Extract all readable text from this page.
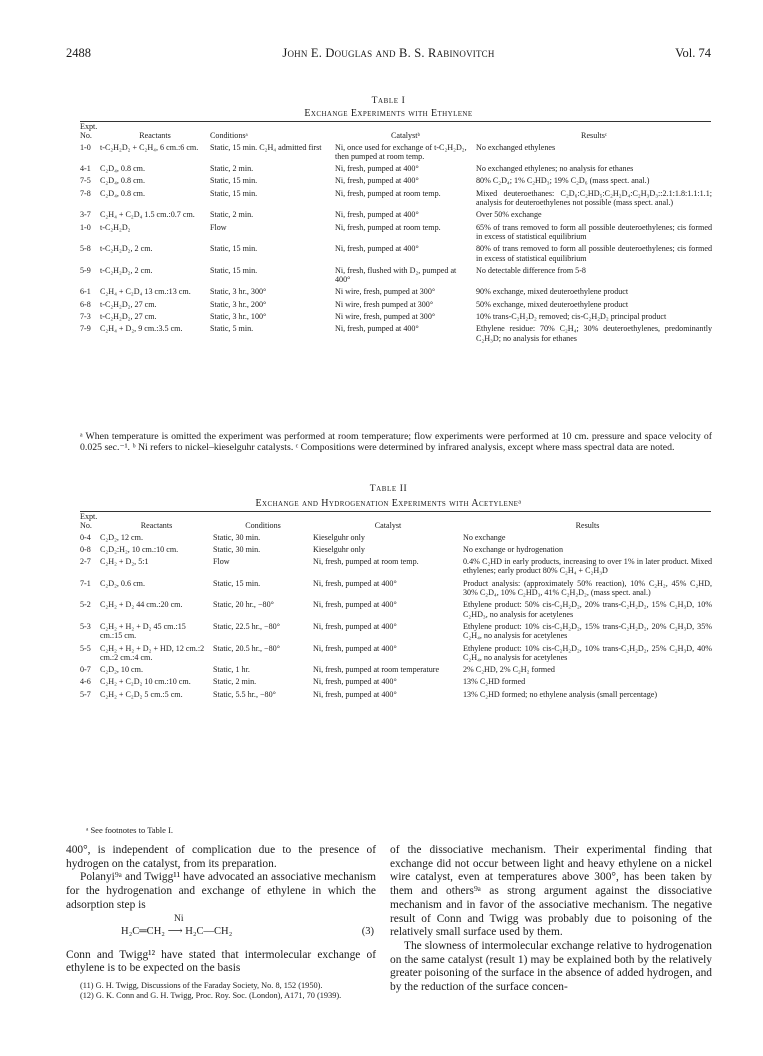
2488	John E. Douglas and B. S. Rabinovitch	Vol. 74
Table I
Exchange Experiments with Ethylene
Expt.
No.	Reactants	Conditionsᵃ	Catalystᵇ	Resultsᶜ
1-0	t-C₂H₂D₂ + C₂H₄, 6 cm.:6 cm.	Static, 15 min. C₂H₄ admitted first	Ni, once used for exchange of t-C₂H₂D₂, then pumped at room temp.	No exchanged ethylenes
4-1	C₂D₄, 0.8 cm.	Static, 2 min.	Ni, fresh, pumped at 400°	No exchanged ethylenes; no analysis for ethanes
7-5	C₂D₄, 0.8 cm.	Static, 15 min.	Ni, fresh, pumped at 400°	80% C₂D₄; 1% C₂HD₃; 19% C₂D₆ (mass spect. anal.)
7-8	C₂D₄, 0.8 cm.	Static, 15 min.	Ni, fresh, pumped at room temp.	Mixed deuteroethanes: C₂D₆:C₂HD₅:C₂H₂D₄:C₂H₃D₃::2.1:1.8:1.1:1.1; analysis for deuteroethylenes not possible (mass spect. anal.)
3-7	C₂H₄ + C₂D₄ 1.5 cm.:0.7 cm.	Static, 2 min.	Ni, fresh, pumped at 400°	Over 50% exchange
1-0	t-C₂H₂D₂	Flow	Ni, fresh, pumped at room temp.	65% of trans removed to form all possible deuteroethylenes; cis formed in excess of statistical equilibrium
5-8	t-C₂H₂D₂, 2 cm.	Static, 15 min.	Ni, fresh, pumped at 400°	80% of trans removed to form all possible deuteroethylenes; cis formed in excess of statistical equilibrium
5-9	t-C₂H₂D₂, 2 cm.	Static, 15 min.	Ni, fresh, flushed with D₂, pumped at 400°	No detectable difference from 5-8
6-1	C₂H₄ + C₂D₄ 13 cm.:13 cm.	Static, 3 hr., 300°	Ni wire, fresh, pumped at 300°	90% exchange, mixed deuteroethylene product
6-8	t-C₂H₂D₂, 27 cm.	Static, 3 hr., 200°	Ni wire, fresh pumped at 300°	50% exchange, mixed deuteroethylene product
7-3	t-C₂H₂D₂, 27 cm.	Static, 3 hr., 100°	Ni wire, fresh, pumped at 300°	10% trans-C₂H₂D₂ removed; cis-C₂H₂D₂ principal product
7-9	C₂H₄ + D₂, 9 cm.:3.5 cm.	Static, 5 min.	Ni, fresh, pumped at 400°	Ethylene residue: 70% C₂H₄; 30% deuteroethylenes, predominantly C₂H₃D; no analysis for ethanes
ᵃ When temperature is omitted the experiment was performed at room temperature; flow experiments were performed at 10 cm. pressure and space velocity of 0.025 sec.⁻¹. ᵇ Ni refers to nickel–kieselguhr catalysts. ᶜ Compositions were determined by infrared analysis, except where mass spectral data are noted.
Table II
Exchange and Hydrogenation Experiments with Acetyleneᵃ
Expt.
No.	Reactants	Conditions	Catalyst	Results
0-4	C₂D₂, 12 cm.	Static, 30 min.	Kieselguhr only	No exchange
0-8	C₂D₂:H₂, 10 cm.:10 cm.	Static, 30 min.	Kieselguhr only	No exchange or hydrogenation
2-7	C₂H₂ + D₂, 5:1	Flow	Ni, fresh, pumped at room temp.	0.4% C₂HD in early products, increasing to over 1% in later product. Mixed ethylenes; early product 80% C₂H₄ + C₂H₃D
7-1	C₂D₂, 0.6 cm.	Static, 15 min.	Ni, fresh, pumped at 400°	Product analysis: (approximately 50% reaction), 10% C₂H₂, 45% C₂HD, 30% C₂D₄, 10% C₂HD₃, 41% C₂H₂D₂, (mass spect. anal.)
5-2	C₂H₂ + D₂ 44 cm.:20 cm.	Static, 20 hr., −80°	Ni, fresh, pumped at 400°	Ethylene product: 50% cis-C₂H₂D₂, 20% trans-C₂H₂D₂, 15% C₂H₃D, 10% C₂HD₃, no analysis for acetylenes
5-3	C₂H₂ + H₂ + D₂ 45 cm.:15 cm.:15 cm.	Static, 22.5 hr., −80°	Ni, fresh, pumped at 400°	Ethylene product: 10% cis-C₂H₂D₂, 15% trans-C₂H₂D₂, 20% C₂H₃D, 35% C₂H₄, no analysis for acetylenes
5-5	C₂H₂ + H₂ + D₂ + HD, 12 cm.:2 cm.:2 cm.:4 cm.	Static, 20.5 hr., −80°	Ni, fresh, pumped at 400°	Ethylene product: 10% cis-C₂H₂D₂, 10% trans-C₂H₂D₂, 25% C₂H₃D, 40% C₂H₄, no analysis for acetylenes
0-7	C₂D₂, 10 cm.	Static, 1 hr.	Ni, fresh, pumped at room temperature	2% C₂HD, 2% C₂H₂ formed
4-6	C₂H₂ + C₂D₂ 10 cm.:10 cm.	Static, 2 min.	Ni, fresh, pumped at 400°	13% C₂HD formed
5-7	C₂H₂ + C₂D₂ 5 cm.:5 cm.	Static, 5.5 hr., −80°	Ni, fresh, pumped at 400°	13% C₂HD formed; no ethylene analysis (small percentage)
ᵃ See footnotes to Table I.

400°, is independent of complication due to the presence of hydrogen on the catalyst, from its preparation.

Polanyi⁹ᵃ and Twigg¹¹ have advocated an associative mechanism for the hydrogenation and exchange of ethylene in which the adsorption step is

Ni
H₂C═CH₂ ⟶ H₂C—CH₂	(3)

Conn and Twigg¹² have stated that intermolecular exchange of ethylene is to be expected on the basis

(11) G. H. Twigg, Discussions of the Faraday Society, No. 8, 152 (1950).
(12) G. K. Conn and G. H. Twigg, Proc. Roy. Soc. (London), A171, 70 (1939).

of the dissociative mechanism. Their experimental finding that exchange did not occur between light and heavy ethylene on a nickel wire catalyst, even at temperatures above 300°, has been taken by them and others⁹ᵃ as strong argument against the dissociative mechanism and in favor of the associative mechanism. The negative result of Conn and Twigg was probably due to poisoning of the relatively small surface used by them.

The slowness of intermolecular exchange relative to hydrogenation on the same catalyst (result 1) may be explained both by the relatively greater poisoning of the surface in the absence of added hydrogen, and by the reduction of the surface concen-
